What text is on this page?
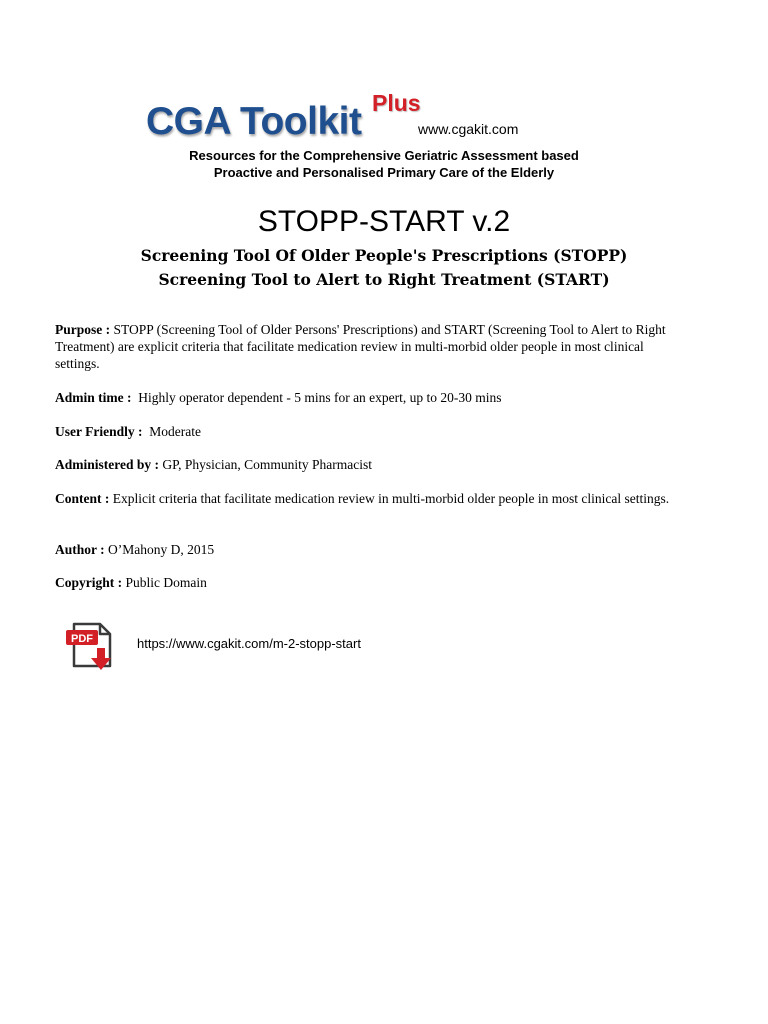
CGA Toolkit Plus
www.cgakit.com
Resources for the Comprehensive Geriatric Assessment based
Proactive and Personalised Primary Care of the Elderly
STOPP-START v.2
Screening Tool Of Older People's Prescriptions (STOPP)
Screening Tool to Alert to Right Treatment (START)
Purpose : STOPP (Screening Tool of Older Persons' Prescriptions) and START (Screening Tool to Alert to Right Treatment) are explicit criteria that facilitate medication review in multi-morbid older people in most clinical settings.
Admin time : Highly operator dependent - 5 mins for an expert, up to 20-30 mins
User Friendly : Moderate
Administered by : GP, Physician, Community Pharmacist
Content : Explicit criteria that facilitate medication review in multi-morbid older people in most clinical settings.
Author : O’Mahony D, 2015
Copyright : Public Domain
PDF	https://www.cgakit.com/m-2-stopp-start
